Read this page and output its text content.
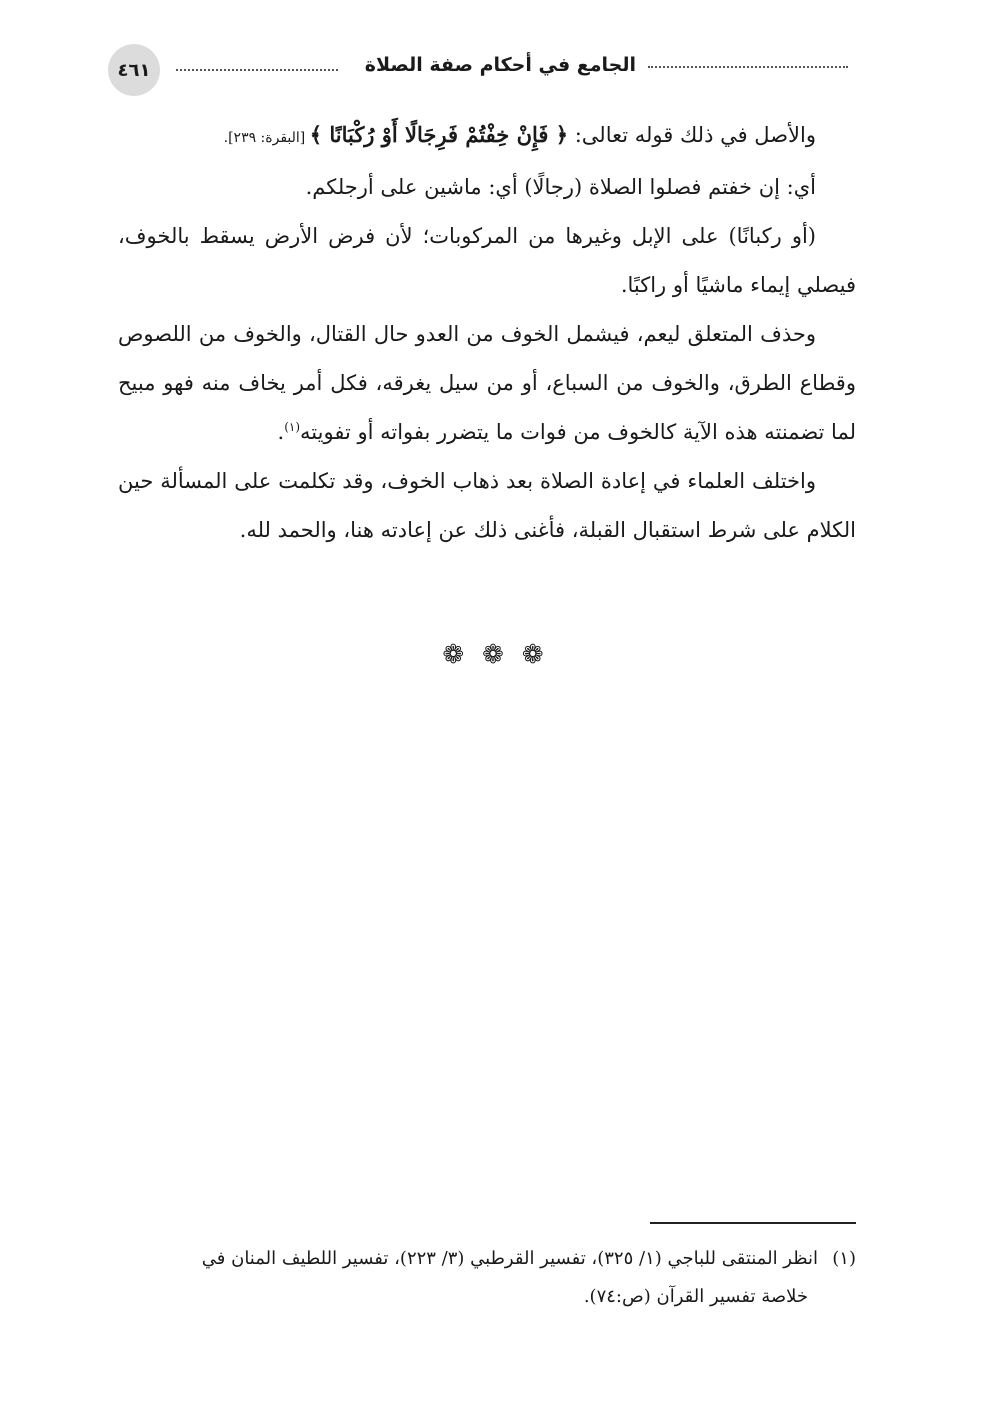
الجامع في أحكام صفة الصلاة
٤٦١

والأصل في ذلك قوله تعالى: ﴿ فَإِنْ خِفْتُمْ فَرِجَالًا أَوْ رُكْبَانًا ﴾ [البقرة: ٢٣٩].

أي: إن خفتم فصلوا الصلاة (رجالًا) أي: ماشين على أرجلكم.

(أو ركبانًا) على الإبل وغيرها من المركوبات؛ لأن فرض الأرض يسقط بالخوف، فيصلي إيماء ماشيًا أو راكبًا.

وحذف المتعلق ليعم، فيشمل الخوف من العدو حال القتال، والخوف من اللصوص وقطاع الطرق، والخوف من السباع، أو من سيل يغرقه، فكل أمر يخاف منه فهو مبيح لما تضمنته هذه الآية كالخوف من فوات ما يتضرر بفواته أو تفويته$^{(١)}$.

واختلف العلماء في إعادة الصلاة بعد ذهاب الخوف، وقد تكلمت على المسألة حين الكلام على شرط استقبال القبلة، فأغنى ذلك عن إعادته هنا، والحمد لله.

❁❁❁
(١)انظر المنتقى للباجي (١/ ٣٢٥)، تفسير القرطبي (٣/ ٢٢٣)، تفسير اللطيف المنان في
خلاصة تفسير القرآن (ص:٧٤).
